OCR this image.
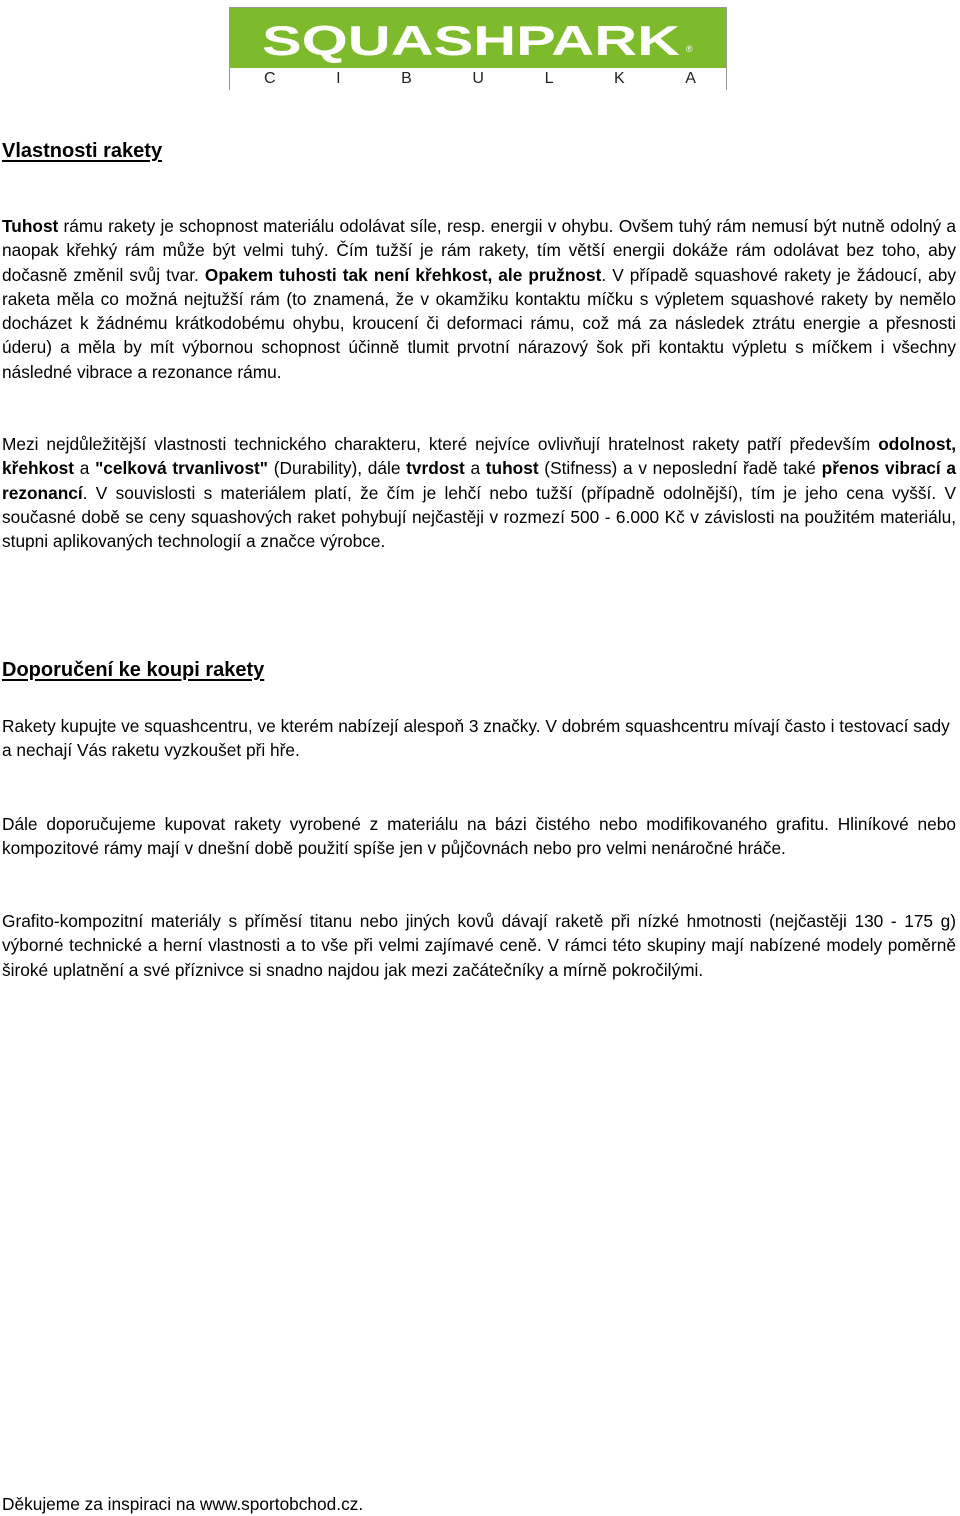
SQUASHPARK ®
C	I	B	U	L	K	A
Vlastnosti rakety

Tuhost rámu rakety je schopnost materiálu odolávat síle, resp. energii v ohybu. Ovšem tuhý rám nemusí být nutně odolný a naopak křehký rám může být velmi tuhý. Čím tužší je rám rakety, tím větší energii dokáže rám odolávat bez toho, aby dočasně změnil svůj tvar. Opakem tuhosti tak není křehkost, ale pružnost. V případě squashové rakety je žádoucí, aby raketa měla co možná nejtužší rám (to znamená, že v okamžiku kontaktu míčku s výpletem squashové rakety by nemělo docházet k žádnému krátkodobému ohybu, kroucení či deformaci rámu, což má za následek ztrátu energie a přesnosti úderu) a měla by mít výbornou schopnost účinně tlumit prvotní nárazový šok při kontaktu výpletu s míčkem i všechny následné vibrace a rezonance rámu.

Mezi nejdůležitější vlastnosti technického charakteru, které nejvíce ovlivňují hratelnost rakety patří především odolnost, křehkost a "celková trvanlivost" (Durability), dále tvrdost a tuhost (Stifness) a v neposlední řadě také přenos vibrací a rezonancí. V souvislosti s materiálem platí, že čím je lehčí nebo tužší (případně odolnější), tím je jeho cena vyšší. V současné době se ceny squashových raket pohybují nejčastěji v rozmezí 500 - 6.000 Kč v závislosti na použitém materiálu, stupni aplikovaných technologií a značce výrobce.

Doporučení ke koupi rakety

Rakety kupujte ve squashcentru, ve kterém nabízejí alespoň 3 značky. V dobrém squashcentru mívají často i testovací sady a nechají Vás raketu vyzkoušet při hře.

Dále doporučujeme kupovat rakety vyrobené z materiálu na bázi čistého nebo modifikovaného grafitu. Hliníkové nebo kompozitové rámy mají v dnešní době použití spíše jen v půjčovnách nebo pro velmi nenáročné hráče.

Grafito-kompozitní materiály s příměsí titanu nebo jiných kovů dávají raketě při nízké hmotnosti (nejčastěji 130 - 175 g) výborné technické a herní vlastnosti a to vše při velmi zajímavé ceně. V rámci této skupiny mají nabízené modely poměrně široké uplatnění a své příznivce si snadno najdou jak mezi začátečníky a mírně pokročilými.

Děkujeme za inspiraci na www.sportobchod.cz.
